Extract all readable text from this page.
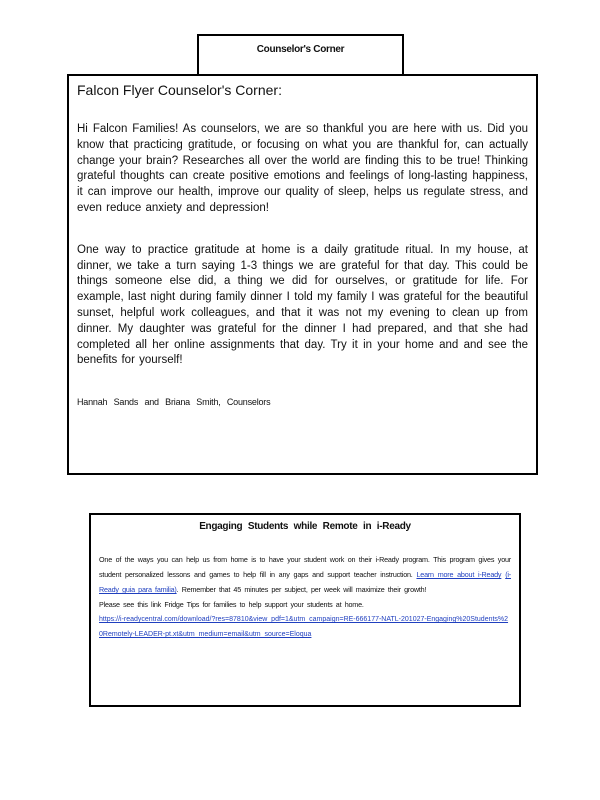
Counselor's Corner
Falcon Flyer Counselor's Corner:

Hi Falcon Families! As counselors, we are so thankful you are here with us. Did you know that practicing gratitude, or focusing on what you are thankful for, can actually change your brain? Researches all over the world are finding this to be true! Thinking grateful thoughts can create positive emotions and feelings of long-lasting happiness, it can improve our health, improve our quality of sleep, helps us regulate stress, and even reduce anxiety and depression!

One way to practice gratitude at home is a daily gratitude ritual. In my house, at dinner, we take a turn saying 1-3 things we are grateful for that day. This could be things someone else did, a thing we did for ourselves, or gratitude for life. For example, last night during family dinner I told my family I was grateful for the beautiful sunset, helpful work colleagues, and that it was not my evening to clean up from dinner. My daughter was grateful for the dinner I had prepared, and that she had completed all her online assignments that day. Try it in your home and and see the benefits for yourself!

Hannah Sands and Briana Smith, Counselors

Engaging Students while Remote in i-Ready

One of the ways you can help us from home is to have your student work on their i-Ready program. This program gives your student personalized lessons and games to help fill in any gaps and support teacher instruction. Learn more about i-Ready (i-Ready guia para familia). Remember that 45 minutes per subject, per week will maximize their growth!

Please see this link Fridge Tips for families to help support your students at home.

https://i-readycentral.com/download/?res=87810&view_pdf=1&utm_campaign=RE-666177-NATL-201027-Engaging%20Students%20Remotely-LEADER-pt.xt&utm_medium=email&utm_source=Eloqua
